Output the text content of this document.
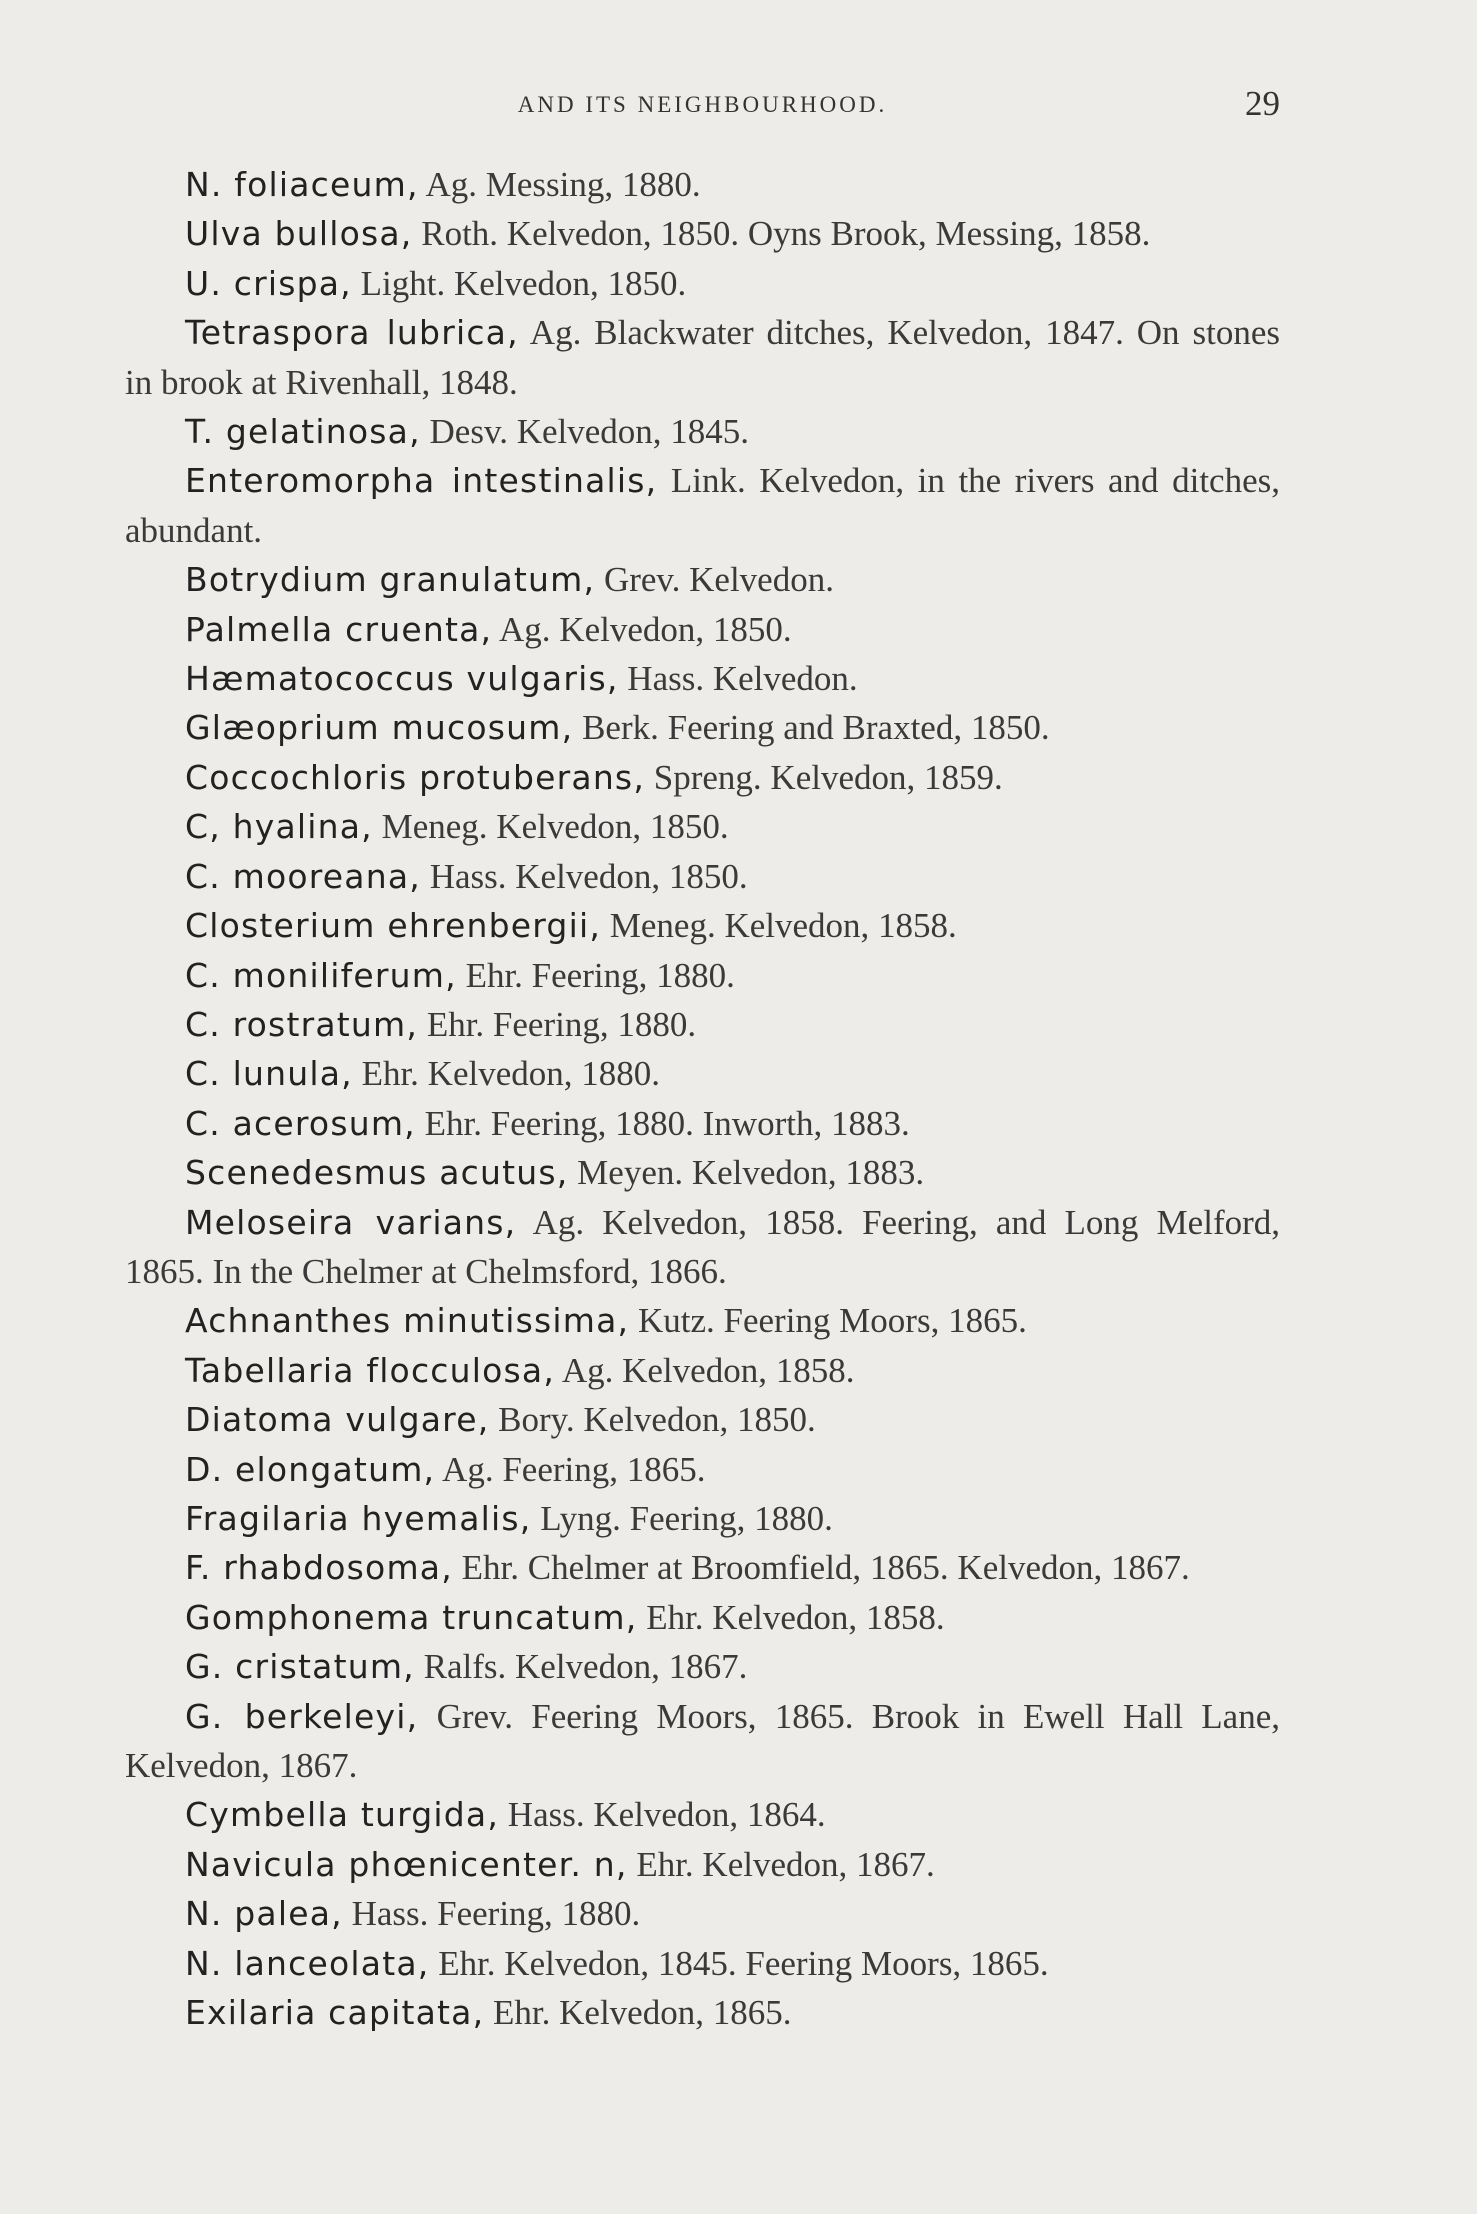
AND ITS NEIGHBOURHOOD.	29

N. foliaceum, Ag. Messing, 1880.

Ulva bullosa, Roth. Kelvedon, 1850. Oyns Brook, Messing, 1858.

U. crispa, Light. Kelvedon, 1850.

Tetraspora lubrica, Ag. Blackwater ditches, Kelvedon, 1847. On stones in brook at Rivenhall, 1848.

T. gelatinosa, Desv. Kelvedon, 1845.

Enteromorpha intestinalis, Link. Kelvedon, in the rivers and ditches, abundant.

Botrydium granulatum, Grev. Kelvedon.

Palmella cruenta, Ag. Kelvedon, 1850.

Hæmatococcus vulgaris, Hass. Kelvedon.

Glæoprium mucosum, Berk. Feering and Braxted, 1850.

Coccochloris protuberans, Spreng. Kelvedon, 1859.

C, hyalina, Meneg. Kelvedon, 1850.

C. mooreana, Hass. Kelvedon, 1850.

Closterium ehrenbergii, Meneg. Kelvedon, 1858.

C. moniliferum, Ehr. Feering, 1880.

C. rostratum, Ehr. Feering, 1880.

C. lunula, Ehr. Kelvedon, 1880.

C. acerosum, Ehr. Feering, 1880. Inworth, 1883.

Scenedesmus acutus, Meyen. Kelvedon, 1883.

Meloseira varians, Ag. Kelvedon, 1858. Feering, and Long Melford, 1865. In the Chelmer at Chelmsford, 1866.

Achnanthes minutissima, Kutz. Feering Moors, 1865.

Tabellaria flocculosa, Ag. Kelvedon, 1858.

Diatoma vulgare, Bory. Kelvedon, 1850.

D. elongatum, Ag. Feering, 1865.

Fragilaria hyemalis, Lyng. Feering, 1880.

F. rhabdosoma, Ehr. Chelmer at Broomfield, 1865. Kelvedon, 1867.

Gomphonema truncatum, Ehr. Kelvedon, 1858.

G. cristatum, Ralfs. Kelvedon, 1867.

G. berkeleyi, Grev. Feering Moors, 1865. Brook in Ewell Hall Lane, Kelvedon, 1867.

Cymbella turgida, Hass. Kelvedon, 1864.

Navicula phœnicenter. n, Ehr. Kelvedon, 1867.

N. palea, Hass. Feering, 1880.

N. lanceolata, Ehr. Kelvedon, 1845. Feering Moors, 1865.

Exilaria capitata, Ehr. Kelvedon, 1865.
